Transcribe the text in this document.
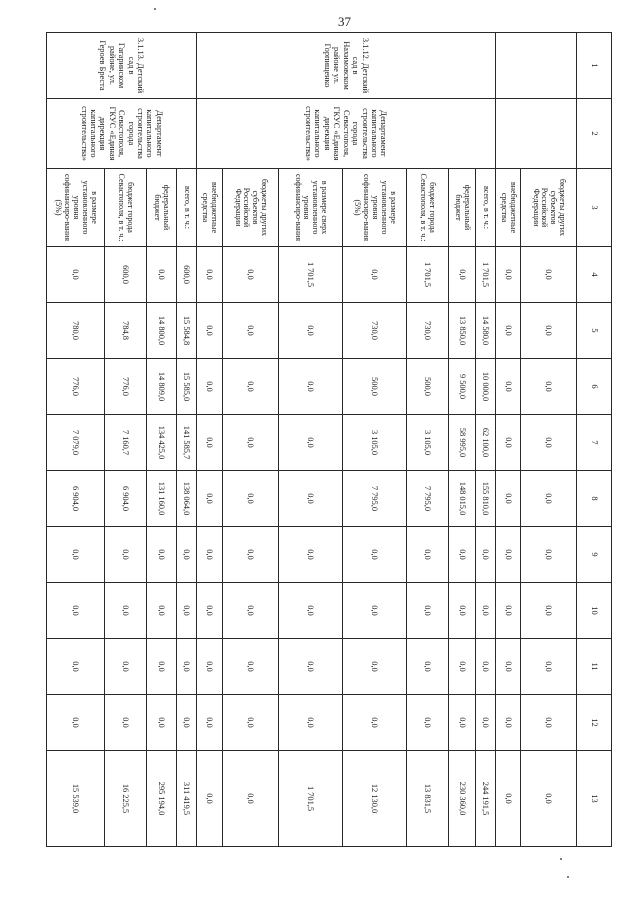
37
1	2	3	4	5	6	7	8	9	10	11	12	13
		бюджеты других субъектов Российской Федерации	0,0	0,0	0,0	0,0	0,0	0,0	0,0	0,0	0,0	0,0
		внебюджетные средства	0,0	0,0	0,0	0,0	0,0	0,0	0,0	0,0	0,0	0,0
3.1.12. Детский сад в Нахимовском районе ул. Горпищенко	Департамент капитального строительства города Севастополя, ГКУС «Единая дирекция капитального строительства»	всего, в т. ч.:	1 701,5	14 580,0	10 000,0	62 100,0	155 810,0	0,0	0,0	0,0	0,0	244 191,5
		федеральный бюджет	0,0	13 850,0	9 500,0	58 995,0	148 015,0	0,0	0,0	0,0	0,0	230 360,0
		бюджет города Севастополя, в т. ч.:	1 701,5	730,0	500,0	3 105,0	7 795,0	0,0	0,0	0,0	0,0	13 831,5
		в размере установленного уровня софинансиро-вания (5%)	0,0	730,0	500,0	3 105,0	7 795,0	0,0	0,0	0,0	0,0	12 130,0
		в размере сверх установленного уровня софинансиро-вания	1 701,5	0,0	0,0	0,0	0,0	0,0	0,0	0,0	0,0	1 701,5
		бюджеты других субъектов Российской Федерации	0,0	0,0	0,0	0,0	0,0	0,0	0,0	0,0	0,0	0,0
		внебюджетные средства	0,0	0,0	0,0	0,0	0,0	0,0	0,0	0,0	0,0	0,0
3.1.13. Детский сад в Гагаринском районе, ул. Героев Бреста	Департамент капитального строительства города Севастополя, ГКУС «Единая дирекция капитального строительства»	всего, в т. ч.:	600,0	15 584,8	15 585,0	141 585,7	138 064,0	0,0	0,0	0,0	0,0	311 419,5
		федеральный бюджет	0,0	14 800,0	14 809,0	134 425,0	131 160,0	0,0	0,0	0,0	0,0	295 194,0
		бюджет города Севастополя, в т. ч.:	600,0	784,8	776,0	7 160,7	6 904,0	0,0	0,0	0,0	0,0	16 225,5
		в размере установленного уровня софинансиро-вания (5%)	0,0	780,0	776,0	7 079,0	6 904,0	0,0	0,0	0,0	0,0	15 539,0
